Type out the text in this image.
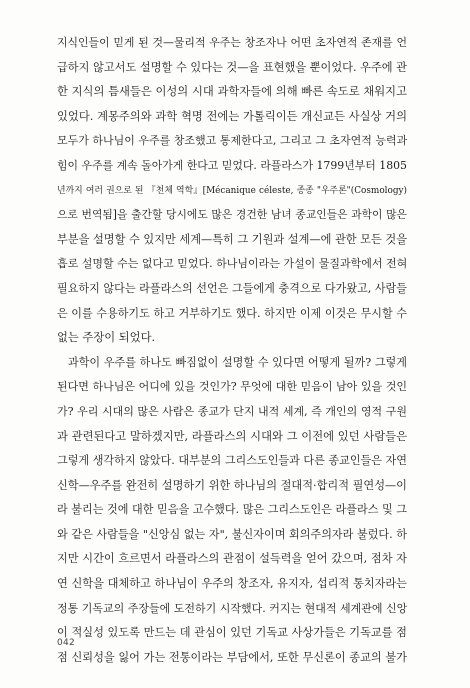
지식인들이 믿게 된 것—물리적 우주는 창조자나 어떤 초자연적 존재를 언
급하지 않고서도 설명할 수 있다는 것—을 표현했을 뿐이었다. 우주에 관
한 지식의 틈새들은 이성의 시대 과학자들에 의해 빠른 속도로 채워지고
있었다. 계몽주의와 과학 혁명 전에는 가톨릭이든 개신교든 사실상 거의
모두가 하나님이 우주를 창조했고 통제한다고, 그리고 그 초자연적 능력과
힘이 우주를 계속 돌아가게 한다고 믿었다. 라플라스가 1799년부터 1805
년까지 여러 권으로 된 『천체 역학』[Mécanique céleste, 종종 "우주론"(Cosmology)
으로 번역됨]을 출간할 당시에도 많은 경건한 남녀 종교인들은 과학이 많은
부분을 설명할 수 있지만 세계—특히 그 기원과 설계—에 관한 모든 것을
흡로 설명할 수는 없다고 믿었다. 하나님이라는 가설이 물질과학에서 전혀
필요하지 않다는 라플라스의 선언은 그들에게 충격으로 다가왔고, 사람들
은 이를 수용하기도 하고 거부하기도 했다. 하지만 이제 이것은 무시할 수
없는 주장이 되었다.
과학이 우주를 하나도 빠짐없이 설명할 수 있다면 어떻게 될까? 그렇게
된다면 하나님은 어디에 있을 것인가? 무엇에 대한 믿음이 남아 있을 것인
가? 우리 시대의 많은 사람은 종교가 단지 내적 세계, 즉 개인의 영적 구원
과 관련된다고 말하겠지만, 라플라스의 시대와 그 이전에 있던 사람들은
그렇게 생각하지 않았다. 대부분의 그리스도인들과 다른 종교인들은 자연
신학—우주를 완전히 설명하기 위한 하나님의 절대적·합리적 필연성—이
라 불리는 것에 대한 믿음을 고수했다. 많은 그리스도인은 라플라스 및 그
와 같은 사람들을 "신앙심 없는 자", 불신자이며 회의주의자라 불렀다. 하
지만 시간이 흐르면서 라플라스의 관점이 설득력을 얻어 갔으며, 점차 자
연 신학을 대체하고 하나님이 우주의 창조자, 유지자, 섭리적 통치자라는
정통 기독교의 주장들에 도전하기 시작했다. 커지는 현대적 세계관에 신앙
이 적실성 있도록 만드는 데 관심이 있던 기독교 사상가들은 기독교를 점
점 신뢰성을 잃어 가는 전통이라는 부담에서, 또한 무신론이 종교의 불가
042
